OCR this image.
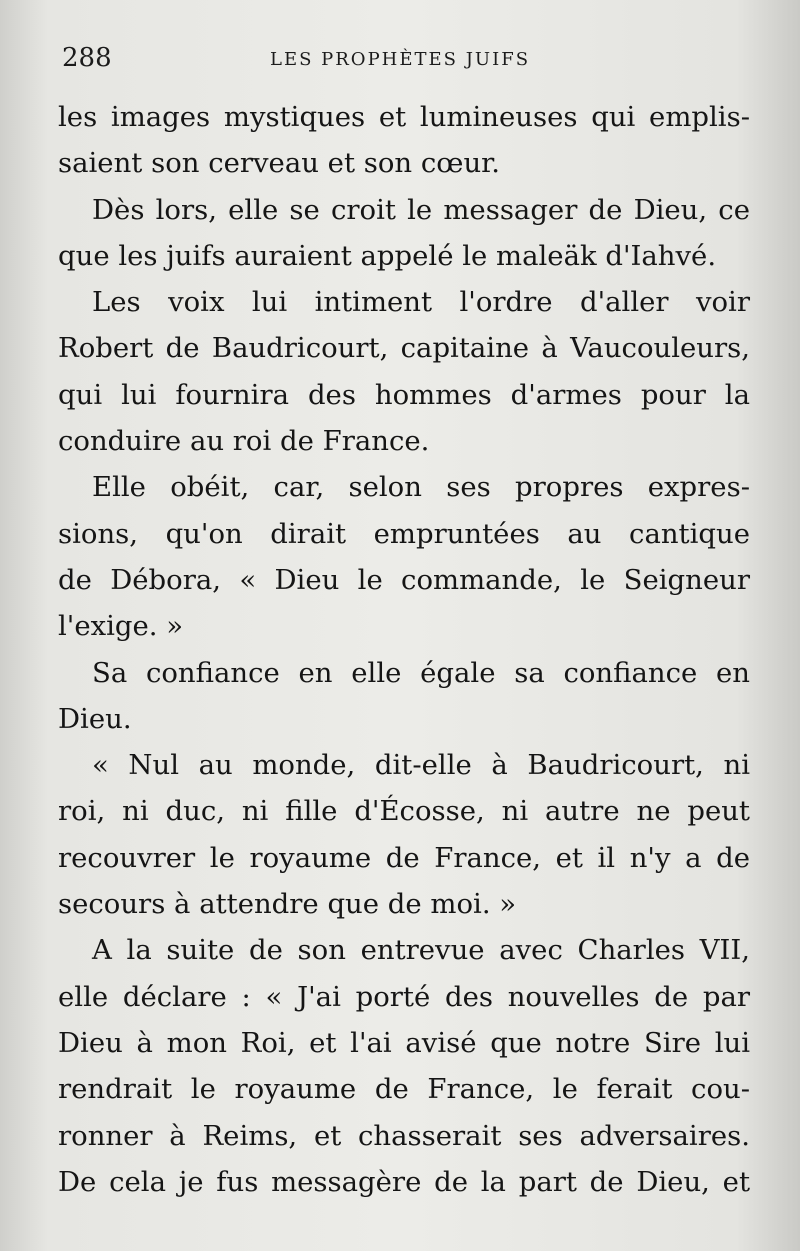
288	LES PROPHÈTES JUIFS
les images mystiques et lumineuses qui emplis-
saient son cerveau et son cœur.
Dès lors, elle se croit le messager de Dieu, ce
que les juifs auraient appelé le maleäk d'Iahvé.
Les voix lui intiment l'ordre d'aller voir
Robert de Baudricourt, capitaine à Vaucouleurs,
qui lui fournira des hommes d'armes pour la
conduire au roi de France.
Elle obéit, car, selon ses propres expres-
sions, qu'on dirait empruntées au cantique
de Débora, « Dieu le commande, le Seigneur
l'exige. »
Sa confiance en elle égale sa confiance en
Dieu.
« Nul au monde, dit-elle à Baudricourt, ni
roi, ni duc, ni fille d'Écosse, ni autre ne peut
recouvrer le royaume de France, et il n'y a de
secours à attendre que de moi. »
A la suite de son entrevue avec Charles VII,
elle déclare : « J'ai porté des nouvelles de par
Dieu à mon Roi, et l'ai avisé que notre Sire lui
rendrait le royaume de France, le ferait cou-
ronner à Reims, et chasserait ses adversaires.
De cela je fus messagère de la part de Dieu, et
